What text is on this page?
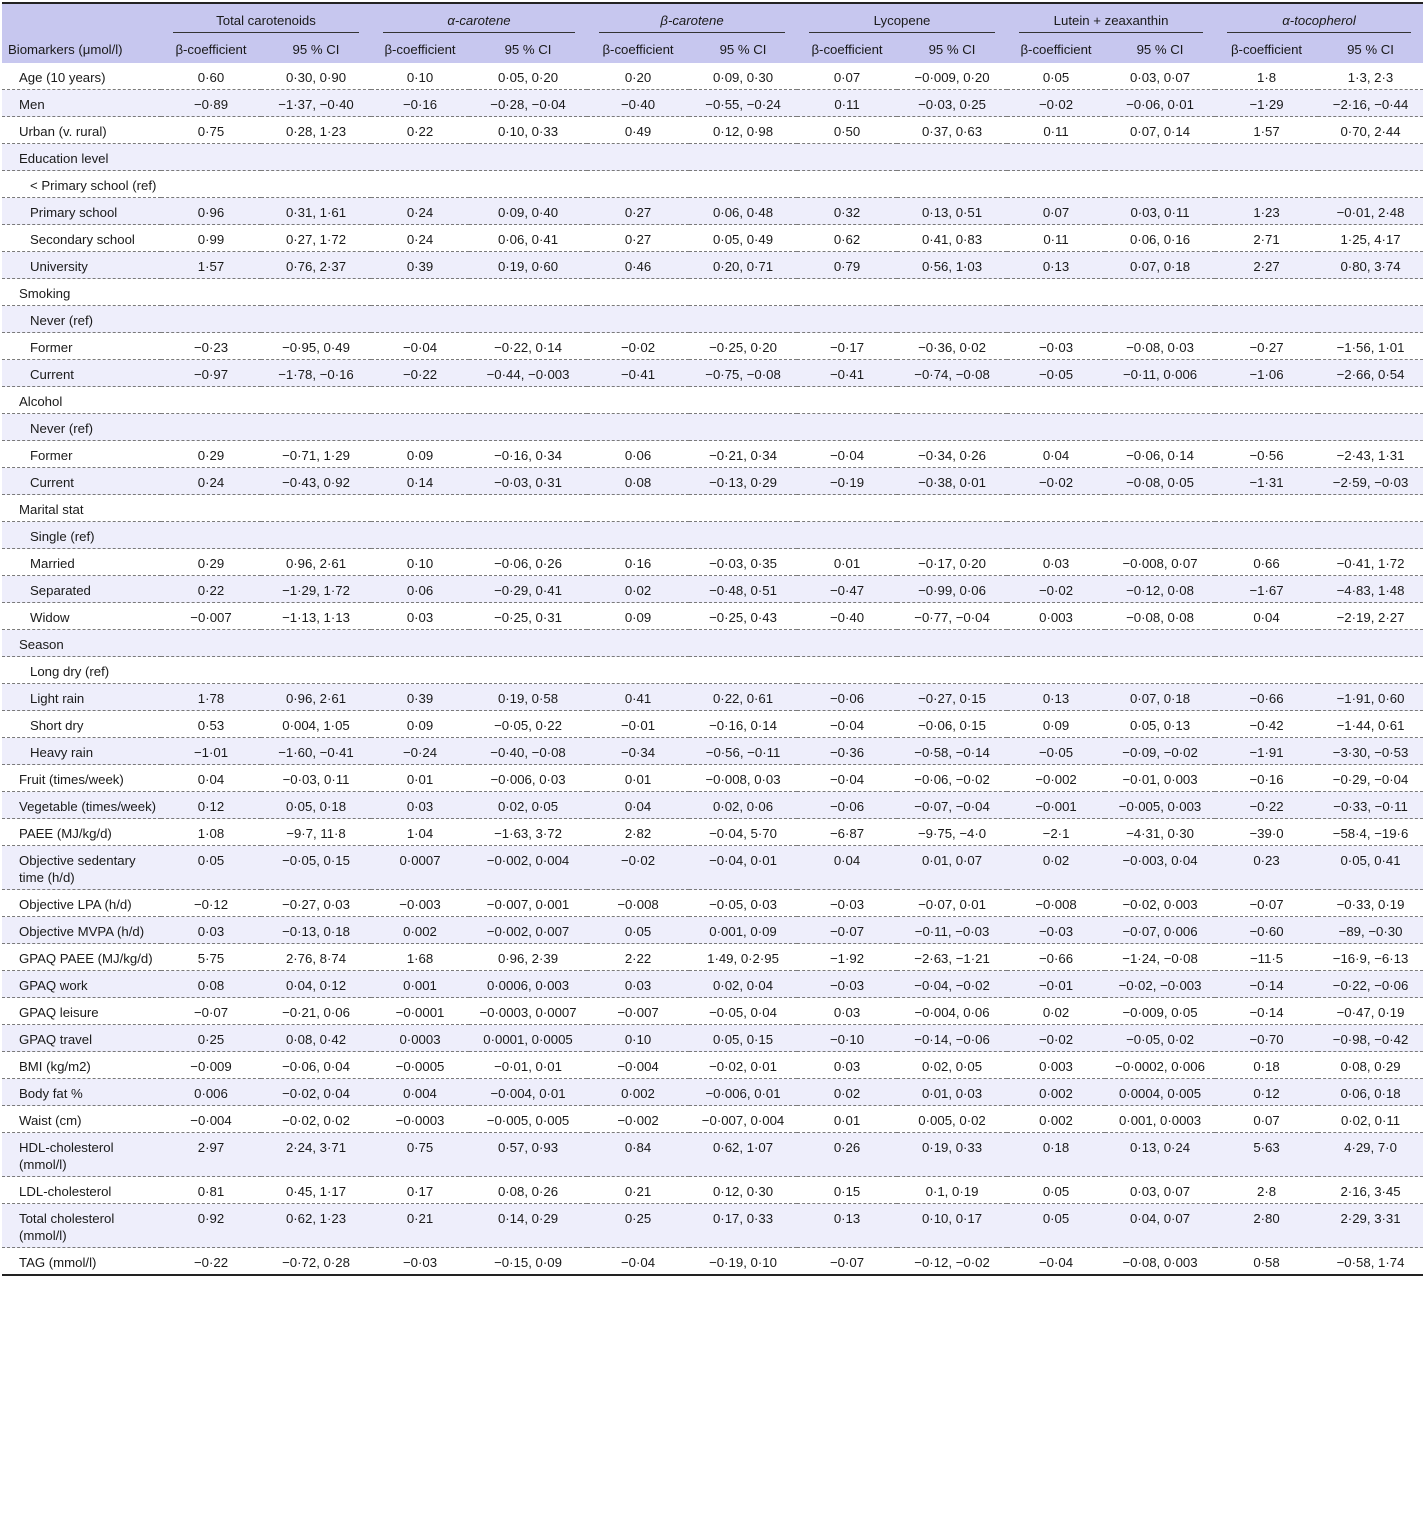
	Total carotenoids		α-carotene		β-carotene		Lycopene		Lutein + zeaxanthin		α-tocopherol	

Biomarkers (μmol/l)	β-coefficient	95 % CI	β-coefficient	95 % CI	β-coefficient	95 % CI	β-coefficient	95 % CI	β-coefficient	95 % CI	β-coefficient	95 % CI
Age (10 years)	0·60	0·30, 0·90	0·10	0·05, 0·20	0·20	0·09, 0·30	0·07	−0·009, 0·20	0·05	0·03, 0·07	1·8	1·3, 2·3
Men	−0·89	−1·37, −0·40	−0·16	−0·28, −0·04	−0·40	−0·55, −0·24	0·11	−0·03, 0·25	−0·02	−0·06, 0·01	−1·29	−2·16, −0·44
Urban (v. rural)	0·75	0·28, 1·23	0·22	0·10, 0·33	0·49	0·12, 0·98	0·50	0·37, 0·63	0·11	0·07, 0·14	1·57	0·70, 2·44
Education level												
< Primary school (ref)												
Primary school	0·96	0·31, 1·61	0·24	0·09, 0·40	0·27	0·06, 0·48	0·32	0·13, 0·51	0·07	0·03, 0·11	1·23	−0·01, 2·48
Secondary school	0·99	0·27, 1·72	0·24	0·06, 0·41	0·27	0·05, 0·49	0·62	0·41, 0·83	0·11	0·06, 0·16	2·71	1·25, 4·17
University	1·57	0·76, 2·37	0·39	0·19, 0·60	0·46	0·20, 0·71	0·79	0·56, 1·03	0·13	0·07, 0·18	2·27	0·80, 3·74
Smoking												
Never (ref)												
Former	−0·23	−0·95, 0·49	−0·04	−0·22, 0·14	−0·02	−0·25, 0·20	−0·17	−0·36, 0·02	−0·03	−0·08, 0·03	−0·27	−1·56, 1·01
Current	−0·97	−1·78, −0·16	−0·22	−0·44, −0·003	−0·41	−0·75, −0·08	−0·41	−0·74, −0·08	−0·05	−0·11, 0·006	−1·06	−2·66, 0·54
Alcohol												
Never (ref)												
Former	0·29	−0·71, 1·29	0·09	−0·16, 0·34	0·06	−0·21, 0·34	−0·04	−0·34, 0·26	0·04	−0·06, 0·14	−0·56	−2·43, 1·31
Current	0·24	−0·43, 0·92	0·14	−0·03, 0·31	0·08	−0·13, 0·29	−0·19	−0·38, 0·01	−0·02	−0·08, 0·05	−1·31	−2·59, −0·03
Marital stat												
Single (ref)												
Married	0·29	0·96, 2·61	0·10	−0·06, 0·26	0·16	−0·03, 0·35	0·01	−0·17, 0·20	0·03	−0·008, 0·07	0·66	−0·41, 1·72
Separated	0·22	−1·29, 1·72	0·06	−0·29, 0·41	0·02	−0·48, 0·51	−0·47	−0·99, 0·06	−0·02	−0·12, 0·08	−1·67	−4·83, 1·48
Widow	−0·007	−1·13, 1·13	0·03	−0·25, 0·31	0·09	−0·25, 0·43	−0·40	−0·77, −0·04	0·003	−0·08, 0·08	0·04	−2·19, 2·27
Season												
Long dry (ref)												
Light rain	1·78	0·96, 2·61	0·39	0·19, 0·58	0·41	0·22, 0·61	−0·06	−0·27, 0·15	0·13	0·07, 0·18	−0·66	−1·91, 0·60
Short dry	0·53	0·004, 1·05	0·09	−0·05, 0·22	−0·01	−0·16, 0·14	−0·04	−0·06, 0·15	0·09	0·05, 0·13	−0·42	−1·44, 0·61
Heavy rain	−1·01	−1·60, −0·41	−0·24	−0·40, −0·08	−0·34	−0·56, −0·11	−0·36	−0·58, −0·14	−0·05	−0·09, −0·02	−1·91	−3·30, −0·53
Fruit (times/week)	0·04	−0·03, 0·11	0·01	−0·006, 0·03	0·01	−0·008, 0·03	−0·04	−0·06, −0·02	−0·002	−0·01, 0·003	−0·16	−0·29, −0·04
Vegetable (times/week)	0·12	0·05, 0·18	0·03	0·02, 0·05	0·04	0·02, 0·06	−0·06	−0·07, −0·04	−0·001	−0·005, 0·003	−0·22	−0·33, −0·11
PAEE (MJ/kg/d)	1·08	−9·7, 11·8	1·04	−1·63, 3·72	2·82	−0·04, 5·70	−6·87	−9·75, −4·0	−2·1	−4·31, 0·30	−39·0	−58·4, −19·6
Objective sedentary time (h/d)	0·05	−0·05, 0·15	0·0007	−0·002, 0·004	−0·02	−0·04, 0·01	0·04	0·01, 0·07	0·02	−0·003, 0·04	0·23	0·05, 0·41
Objective LPA (h/d)	−0·12	−0·27, 0·03	−0·003	−0·007, 0·001	−0·008	−0·05, 0·03	−0·03	−0·07, 0·01	−0·008	−0·02, 0·003	−0·07	−0·33, 0·19
Objective MVPA (h/d)	0·03	−0·13, 0·18	0·002	−0·002, 0·007	0·05	0·001, 0·09	−0·07	−0·11, −0·03	−0·03	−0·07, 0·006	−0·60	−89, −0·30
GPAQ PAEE (MJ/kg/d)	5·75	2·76, 8·74	1·68	0·96, 2·39	2·22	1·49, 0·2·95	−1·92	−2·63, −1·21	−0·66	−1·24, −0·08	−11·5	−16·9, −6·13
GPAQ work	0·08	0·04, 0·12	0·001	0·0006, 0·003	0·03	0·02, 0·04	−0·03	−0·04, −0·02	−0·01	−0·02, −0·003	−0·14	−0·22, −0·06
GPAQ leisure	−0·07	−0·21, 0·06	−0·0001	−0·0003, 0·0007	−0·007	−0·05, 0·04	0·03	−0·004, 0·06	0·02	−0·009, 0·05	−0·14	−0·47, 0·19
GPAQ travel	0·25	0·08, 0·42	0·0003	0·0001, 0·0005	0·10	0·05, 0·15	−0·10	−0·14, −0·06	−0·02	−0·05, 0·02	−0·70	−0·98, −0·42
BMI (kg/m2)	−0·009	−0·06, 0·04	−0·0005	−0·01, 0·01	−0·004	−0·02, 0·01	0·03	0·02, 0·05	0·003	−0·0002, 0·006	0·18	0·08, 0·29
Body fat %	0·006	−0·02, 0·04	0·004	−0·004, 0·01	0·002	−0·006, 0·01	0·02	0·01, 0·03	0·002	0·0004, 0·005	0·12	0·06, 0·18
Waist (cm)	−0·004	−0·02, 0·02	−0·0003	−0·005, 0·005	−0·002	−0·007, 0·004	0·01	0·005, 0·02	0·002	0·001, 0·0003	0·07	0·02, 0·11
HDL-cholesterol (mmol/l)	2·97	2·24, 3·71	0·75	0·57, 0·93	0·84	0·62, 1·07	0·26	0·19, 0·33	0·18	0·13, 0·24	5·63	4·29, 7·0
LDL-cholesterol	0·81	0·45, 1·17	0·17	0·08, 0·26	0·21	0·12, 0·30	0·15	0·1, 0·19	0·05	0·03, 0·07	2·8	2·16, 3·45
Total cholesterol (mmol/l)	0·92	0·62, 1·23	0·21	0·14, 0·29	0·25	0·17, 0·33	0·13	0·10, 0·17	0·05	0·04, 0·07	2·80	2·29, 3·31
TAG (mmol/l)	−0·22	−0·72, 0·28	−0·03	−0·15, 0·09	−0·04	−0·19, 0·10	−0·07	−0·12, −0·02	−0·04	−0·08, 0·003	0·58	−0·58, 1·74
